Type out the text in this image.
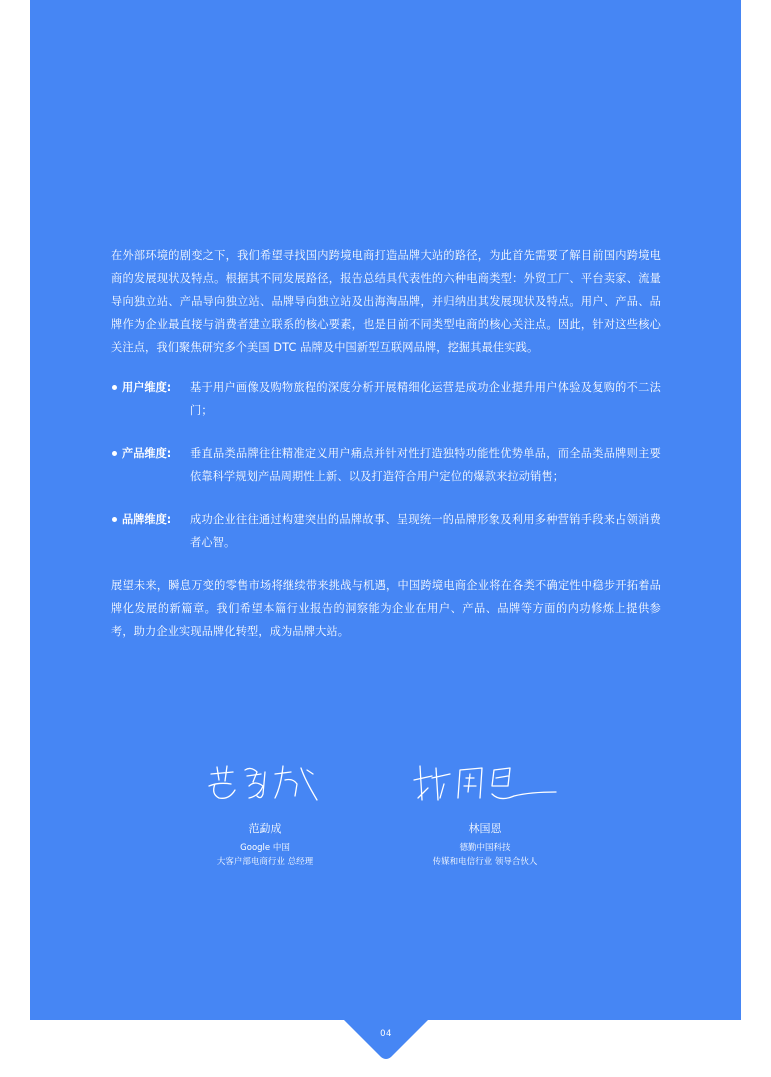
04

在外部环境的剧变之下，我们希望寻找国内跨境电商打造品牌大站的路径，为此首先需要了解目前国内跨境电商的发展现状及特点。根据其不同发展路径，报告总结具代表性的六种电商类型：外贸工厂、平台卖家、流量导向独立站、产品导向独立站、品牌导向独立站及出海淘品牌，并归纳出其发展现状及特点。用户、产品、品牌作为企业最直接与消费者建立联系的核心要素，也是目前不同类型电商的核心关注点。因此，针对这些核心关注点，我们聚焦研究多个美国 DTC 品牌及中国新型互联网品牌，挖掘其最佳实践。

用户维度:	基于用户画像及购物旅程的深度分析开展精细化运营是成功企业提升用户体验及复购的不二法门；
产品维度:	垂直品类品牌往往精准定义用户痛点并针对性打造独特功能性优势单品，而全品类品牌则主要依靠科学规划产品周期性上新、以及打造符合用户定位的爆款来拉动销售；
品牌维度:	成功企业往往通过构建突出的品牌故事、呈现统一的品牌形象及利用多种营销手段来占领消费者心智。

展望未来，瞬息万变的零售市场将继续带来挑战与机遇，中国跨境电商企业将在各类不确定性中稳步开拓着品牌化发展的新篇章。我们希望本篇行业报告的洞察能为企业在用户、产品、品牌等方面的内功修炼上提供参考，助力企业实现品牌化转型，成为品牌大站。

范勐成
Google 中国
大客户部电商行业 总经理
林国恩
德勤中国科技
传媒和电信行业 领导合伙人
